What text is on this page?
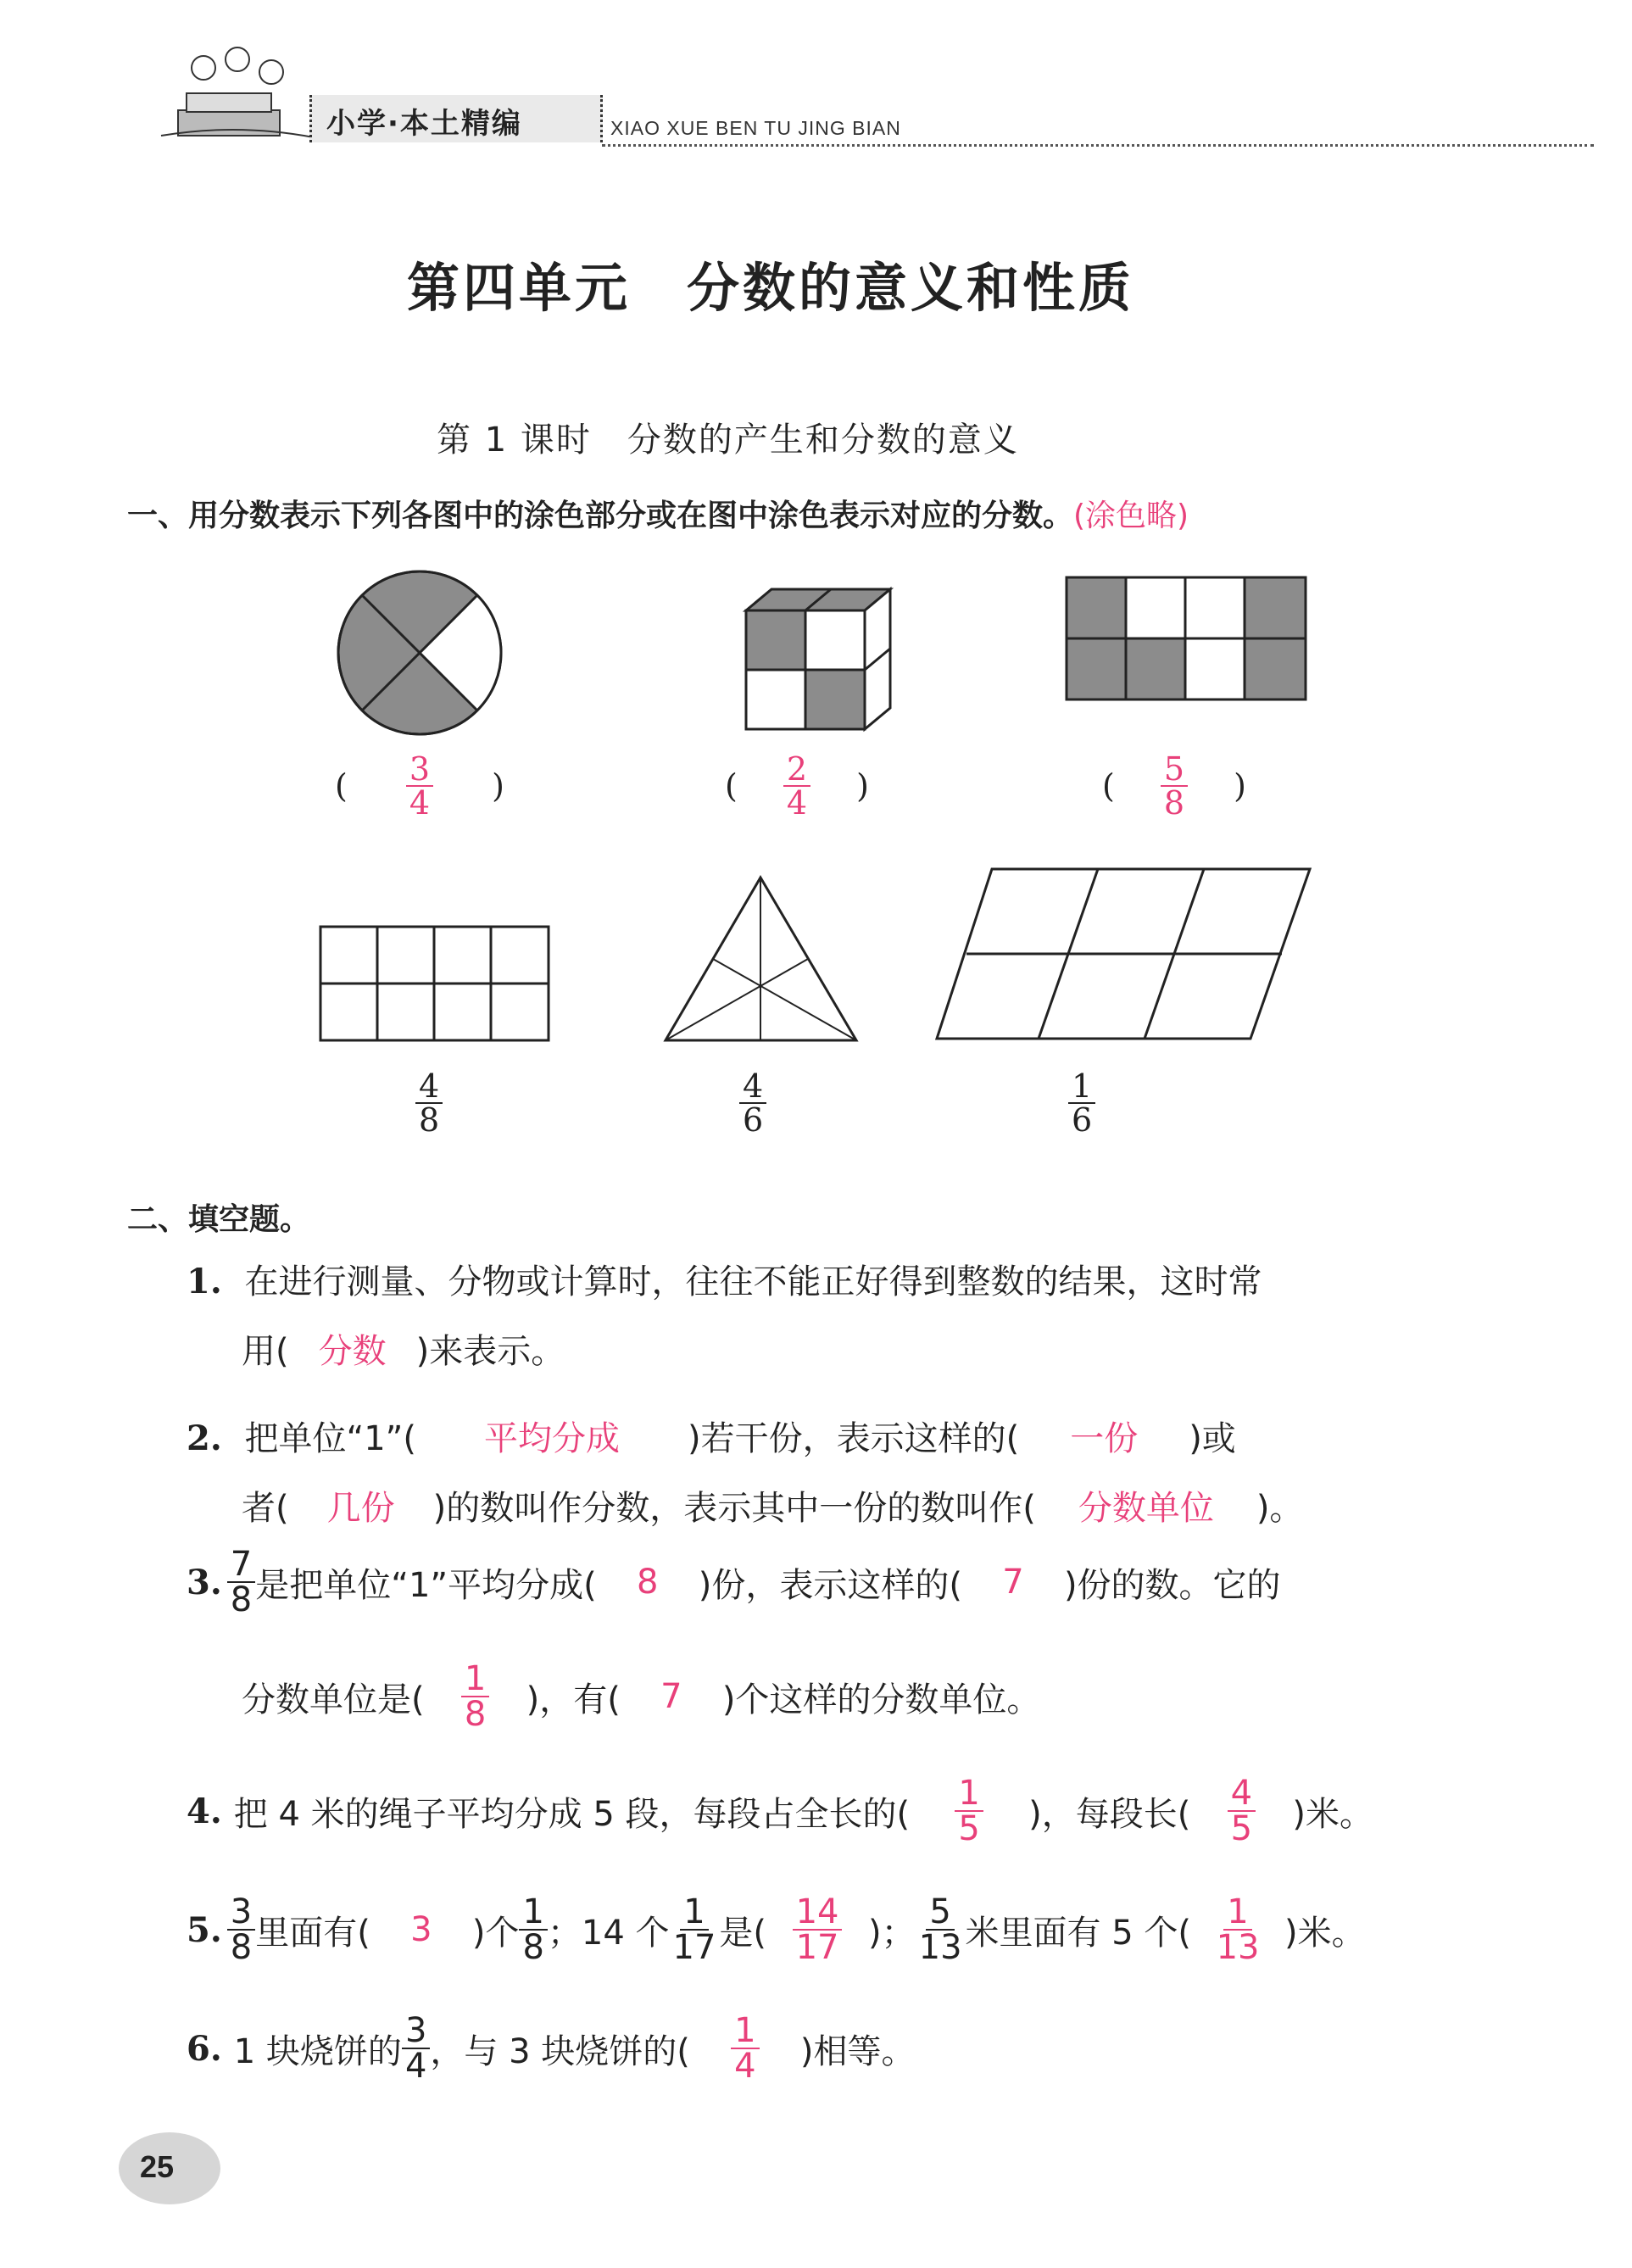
小学·本土精编	XIAO XUE BEN TU JING BIAN
第四单元　分数的意义和性质
第 1 课时　分数的产生和分数的意义
一、用分数表示下列各图中的涂色部分或在图中涂色表示对应的分数。(涂色略)
( $\frac{3}{4}$ )	( $\frac{2}{4}$ )	( $\frac{5}{8}$ )
$\frac{4}{8}$	$\frac{4}{6}$	$\frac{1}{6}$
二、填空题。
1. 在进行测量、分物或计算时，往往不能正好得到整数的结果，这时常
用( 分数 )来表示。
2. 把单位“1”( 平均分成 )若干份，表示这样的( 一份 )或
者( 几份 )的数叫作分数，表示其中一份的数叫作( 分数单位 )。
3. $\frac{7}{8}$ 是把单位“1”平均分成(	8	)份，表示这样的(	7	)份的数。它的
分数单位是( $\frac{1}{8}$ )，有(	7	)个这样的分数单位。
4. 把 4 米的绳子平均分成 5 段，每段占全长的( $\frac{1}{5}$ )，每段长( $\frac{4}{5}$ )米。
5. $\frac{3}{8}$ 里面有(	3	)个 $\frac{1}{8}$ ；14 个 $\frac{1}{17}$ 是( $\frac{14}{17}$ )； $\frac{5}{13}$ 米里面有 5 个( $\frac{1}{13}$ )米。
6. 1 块烧饼的 $\frac{3}{4}$ ，与 3 块烧饼的( $\frac{1}{4}$ )相等。
25
